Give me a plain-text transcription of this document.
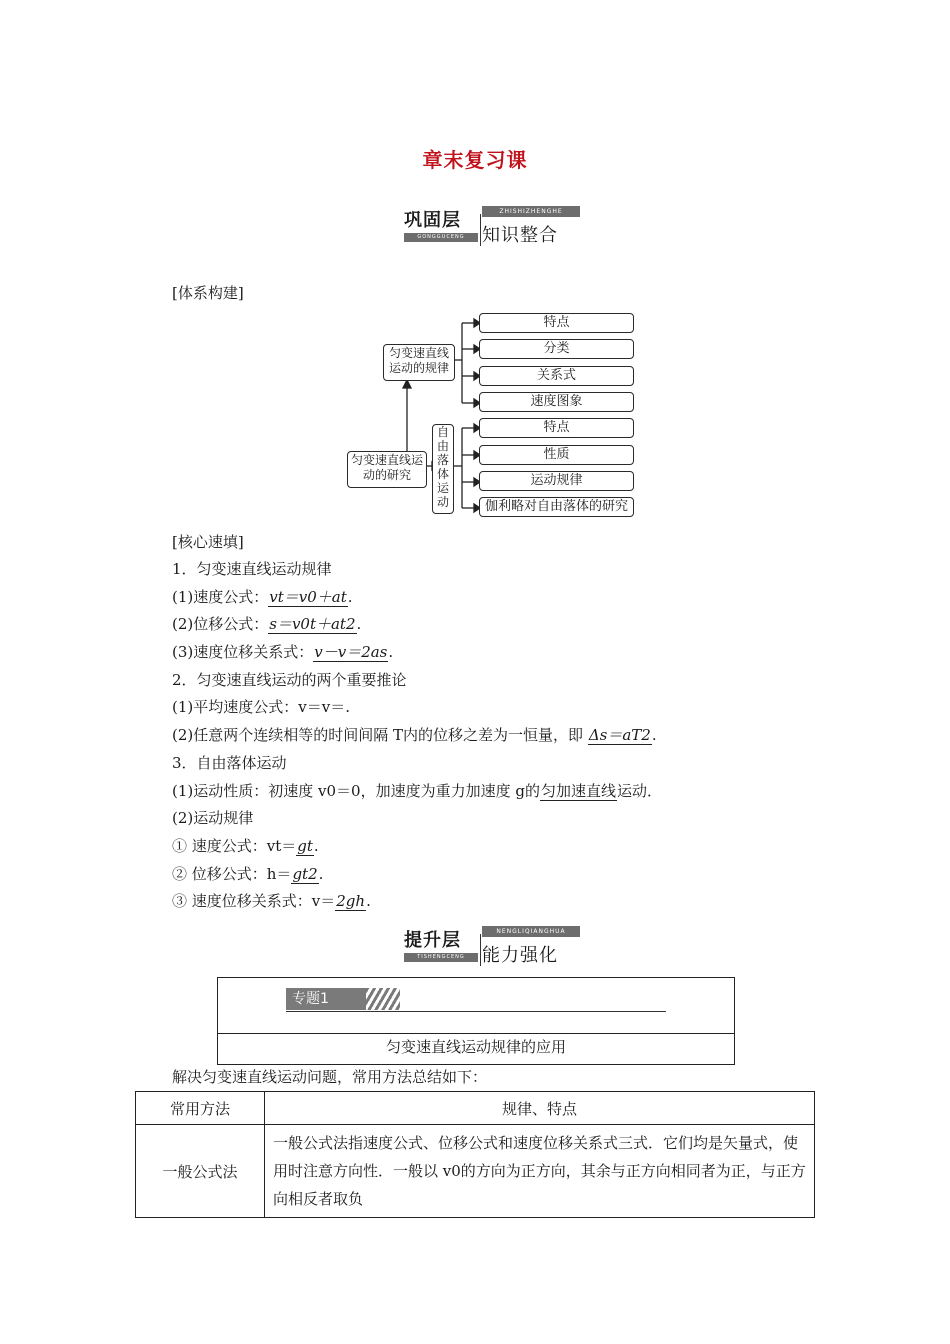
章末复习课
巩固层	ZHISHIZHENGHE
GONGGUCENG 知识整合
[体系构建]
匀变速直线运动的研究
匀变速直线运动的规律
自由落体运动
特点
分类
关系式
速度图象
特点
性质
运动规律
伽利略对自由落体的研究
[核心速填]
1．匀变速直线运动规律
(1)速度公式：vt＝v0＋at.
(2)位移公式：s＝v0t＋at2.
(3)速度位移关系式：v－v＝2as.
2．匀变速直线运动的两个重要推论
(1)平均速度公式：v＝v＝.
(2)任意两个连续相等的时间间隔 T内的位移之差为一恒量，即 Δs＝aT2.
3．自由落体运动
(1)运动性质：初速度 v0＝0，加速度为重力加速度 g的匀加速直线运动．
(2)运动规律
① 速度公式：vt＝gt.
② 位移公式：h＝gt2.
③ 速度位移关系式：v＝2gh.
提升层	NENGLIQIANGHUA
TISHENGCENG 能力强化
专题1
匀变速直线运动规律的应用
解决匀变速直线运动问题，常用方法总结如下：
常用方法	规律、特点
一般公式法	一般公式法指速度公式、位移公式和速度位移关系式三式．它们均是矢量式，使用时注意方向性．一般以 v0的方向为正方向，其余与正方向相同者为正，与正方向相反者取负
